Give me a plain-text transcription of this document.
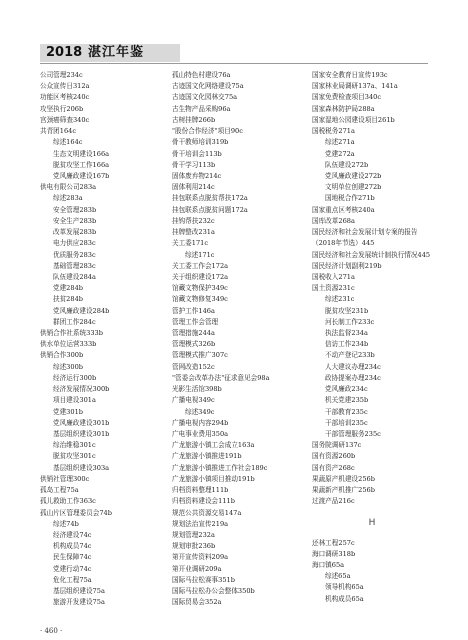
2018 湛江年鉴
公司管理234c
公众宣传日312a
功能区考核240c
攻坚执行206b
宫颈癌筛查340c
共青团164c
综述164c
生态文明建设166a
脱贫攻坚工作166a
党风廉政建设167b
供电有限公司283a
综述283a
安全管理283b
安全生产283b
改革发展283b
电力供应283c
优质服务283c
基础管理283c
队伍建设284a
党建284b
扶贫284b
党风廉政建设284b
群团工作284c
供销合作社系统333b
供水单位运营333b
供销合作300b
综述300b
经济运行300b
经济发展情况300b
项目建设301a
党建301b
党风廉政建设301b
基层组织建设301b
综治维稳301c
脱贫攻坚301c
基层组织建设303a
供销社管理300c
孤岛工程75a
孤儿救助工作363c
孤山片区管理委员会74b
综述74b
经济建设74c
机构成员74c
民生保障74c
党建行动74c
危化工程75a
基层组织建设75a
旅游开发建设75a
孤山特色村建设76a
古迹国文化网络建设75a
古迹国文化园林交75a
古生物产品采购96a
古树挂牌266b
"股份合作经济"项目90c
骨干教师培训319b
骨干培训会113b
骨干学习113b
固体废弃物214c
固体利用214c
挂包联系点脱贫帮扶172a
挂包联系点脱贫问题172a
挂钩帮扶232c
挂牌整改231a
关工委171c
综述171c
关工委工作会172a
关于组织建设172a
馆藏文物保护349c
馆藏文物修复349c
管护工作146a
管理工作会管理
管理措施244a
管理模式326b
管理模式推广307c
管网改造152c
"管委会改革办法"征求意见会98a
光影生活馆398b
广播电视349c
综述349c
广播电视内容294b
广电事业费用350a
广龙旅游小镇工会成立163a
广龙旅游小镇推进191b
广龙旅游小镇推进工作社会189c
广龙旅游小镇项目推动191b
归档资料整理111b
归档资料建设会111b
规范公共资源交易147a
规划法治宣传219a
规划管理232a
规划审批236b
第开宣传资料209a
第开业调研209a
国际马拉松赛事351b
国际马拉松办公会整体350b
国际贸易会352a
国家安全教育日宣传193c
国家林业局调研137a、141a
国家免费检查项目340c
国家森林防护局288a
国家湿地公园建设项目261b
国税税务271a
综述271a
党建272a
队伍建设272b
党风廉政建设272b
文明单位创建272b
国地税合作271b
国家重点区考核240a
国库改革268a
国民经济和社会发展计划专案的报告
（2018年节选）445
国民经济和社会发展统计制执行情况445
国民经济计划副利219b
国税收入271a
国土资源231c
综述231c
脱贫攻坚231b
河长制工作233c
执法监督234a
信访工作234b
不动产登记233b
人大建议办理234c
政协提案办理234c
党风廉政234c
机关党建235b
干部教育235c
干部培训235c
干部管理服务235c
国务院调研137c
国有资源260b
国有资产268c
果蔬原产机建设256b
果蔬新产机推广256b
过渡产品216c
H
还林工程257c
海口调研318b
海口镇65a
综述65a
领导机构65a
机构成员65a
· 460 ·
